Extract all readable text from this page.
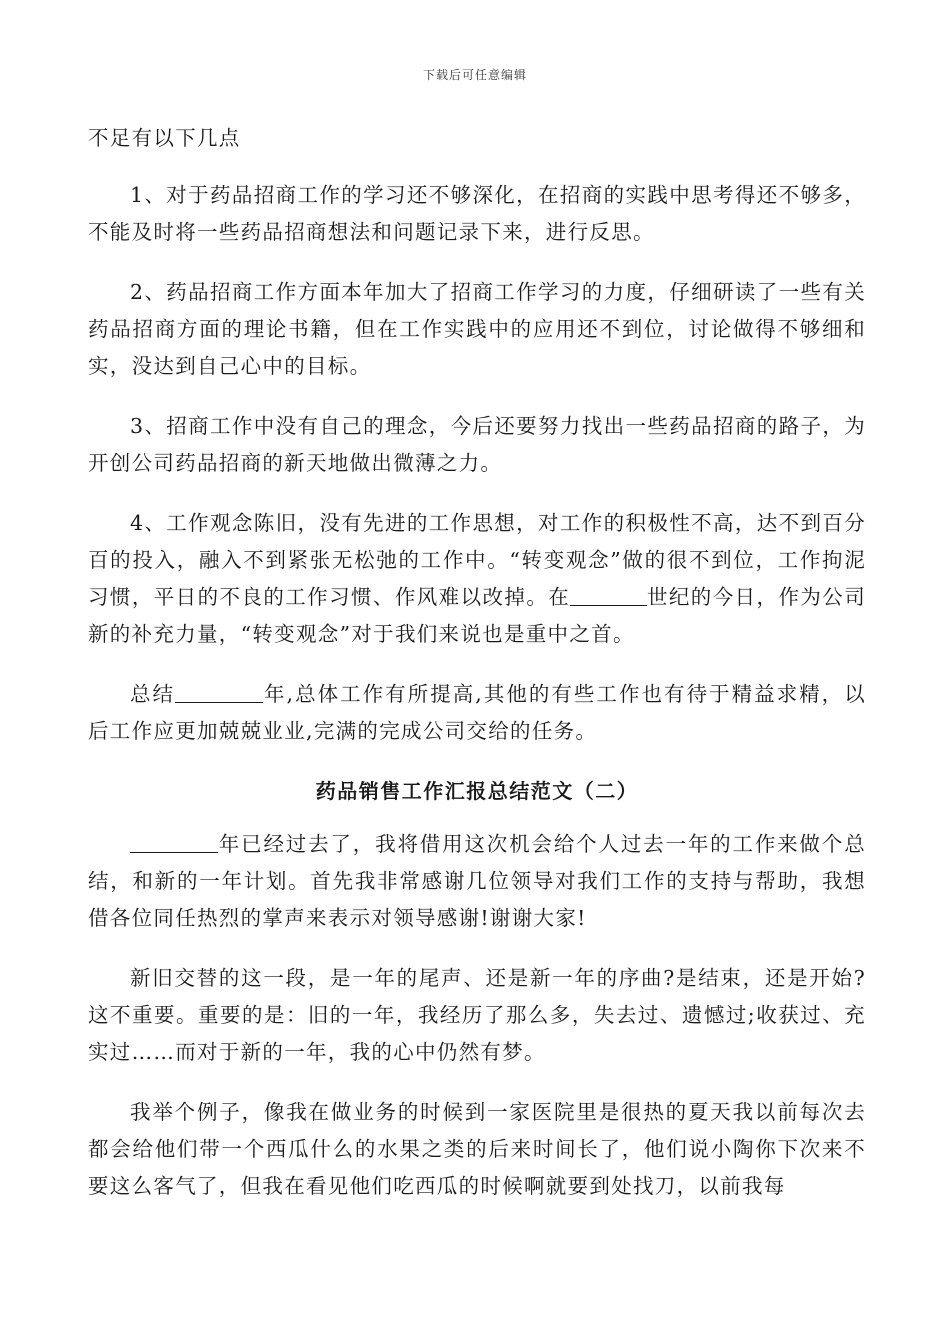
下载后可任意编辑

不足有以下几点

1、对于药品招商工作的学习还不够深化，在招商的实践中思考得还不够多，不能及时将一些药品招商想法和问题记录下来，进行反思。

2、药品招商工作方面本年加大了招商工作学习的力度，仔细研读了一些有关药品招商方面的理论书籍，但在工作实践中的应用还不到位，讨论做得不够细和实，没达到自己心中的目标。

3、招商工作中没有自己的理念，今后还要努力找出一些药品招商的路子，为开创公司药品招商的新天地做出微薄之力。

4、工作观念陈旧，没有先进的工作思想，对工作的积极性不高，达不到百分百的投入，融入不到紧张无松弛的工作中。“转变观念”做的很不到位，工作拘泥习惯，平日的不良的工作习惯、作风难以改掉。在	世纪的今日，作为公司新的补充力量，“转变观念”对于我们来说也是重中之首。

总结	年,总体工作有所提高,其他的有些工作也有待于精益求精，以后工作应更加兢兢业业,完满的完成公司交给的任务。

药品销售工作汇报总结范文（二）

年已经过去了，我将借用这次机会给个人过去一年的工作来做个总结，和新的一年计划。首先我非常感谢几位领导对我们工作的支持与帮助，我想借各位同任热烈的掌声来表示对领导感谢!谢谢大家!

新旧交替的这一段，是一年的尾声、还是新一年的序曲?是结束，还是开始?这不重要。重要的是：旧的一年，我经历了那么多，失去过、遗憾过;收获过、充实过……而对于新的一年，我的心中仍然有梦。

我举个例子，像我在做业务的时候到一家医院里是很热的夏天我以前每次去都会给他们带一个西瓜什么的水果之类的后来时间长了，他们说小陶你下次来不要这么客气了，但我在看见他们吃西瓜的时候啊就要到处找刀，以前我每
